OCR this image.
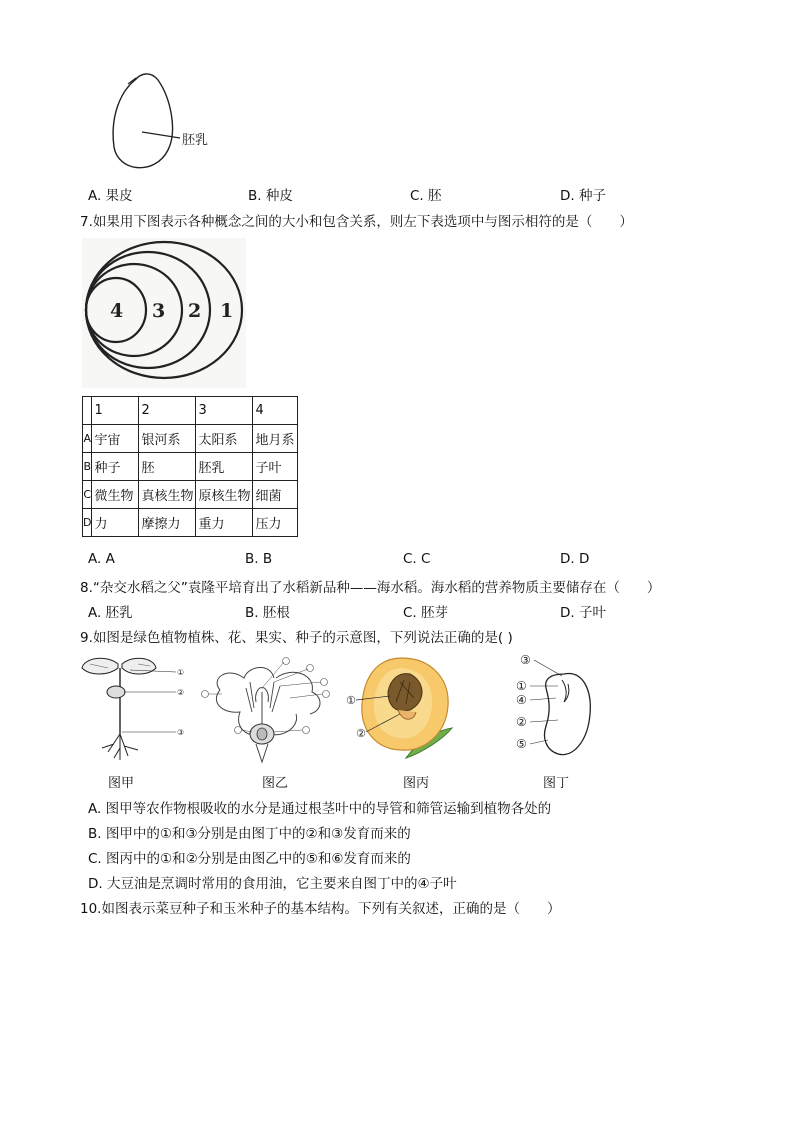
胚乳
A. 果皮	B. 种皮	C. 胚	D. 种子
7.如果用下图表示各种概念之间的大小和包含关系，则左下表选项中与图示相符的是（　　）
4 3 2 1
	1	2	3	4
A	宇宙	银河系	太阳系	地月系
B	种子	胚	胚乳	子叶
C	微生物	真核生物	原核生物	细菌
D	力	摩擦力	重力	压力
A. A	B. B	C. C	D. D
8.“杂交水稻之父”袁隆平培育出了水稻新品种——海水稻。海水稻的营养物质主要储存在（　　）
A. 胚乳	B. 胚根	C. 胚芽	D. 子叶
9.如图是绿色植物植株、花、果实、种子的示意图，下列说法正确的是( )
①
②
③
①
②
③
①
④
②
⑤
图甲	图乙	图丙	图丁
A. 图甲等农作物根吸收的水分是通过根茎叶中的导管和筛管运输到植物各处的
B. 图甲中的①和③分别是由图丁中的②和③发育而来的
C. 图丙中的①和②分别是由图乙中的⑤和⑥发育而来的
D. 大豆油是烹调时常用的食用油，它主要来自图丁中的④子叶
10.如图表示菜豆种子和玉米种子的基本结构。下列有关叙述，正确的是（　　）
